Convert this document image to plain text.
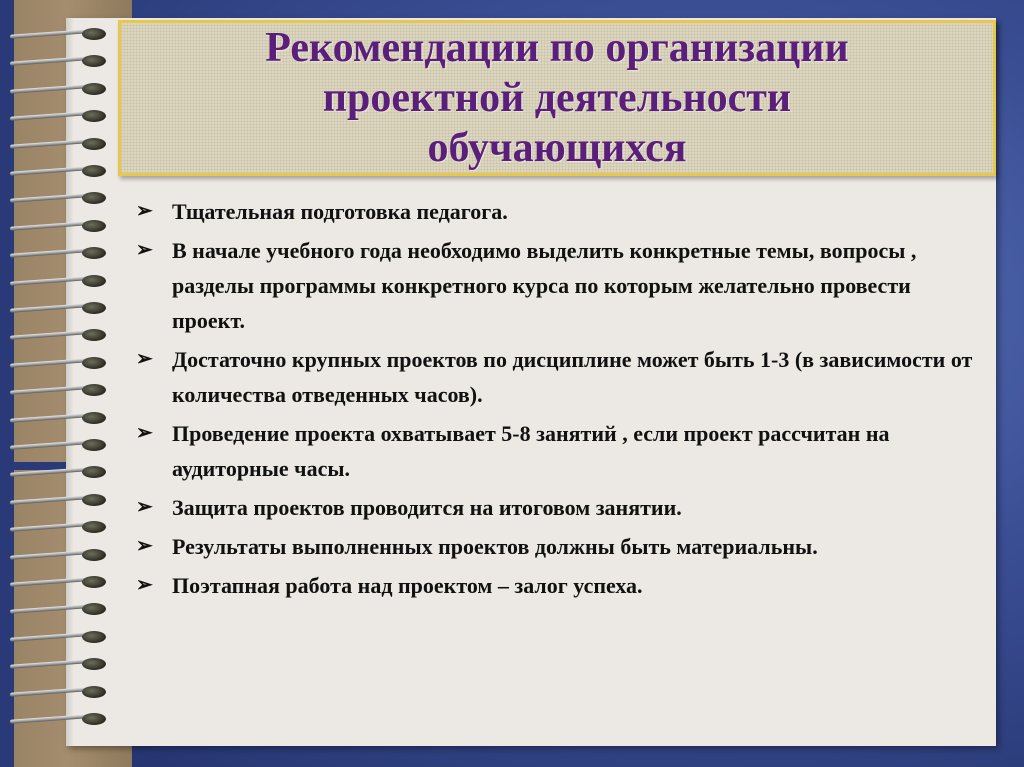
Рекомендации по организации
проектной деятельности
обучающихся
➢ Тщательная подготовка педагога.
➢ В начале учебного года необходимо выделить конкретные темы, вопросы , разделы программы конкретного курса по которым желательно провести проект.
➢ Достаточно крупных проектов по дисциплине может быть 1-3 (в зависимости от количества отведенных часов).
➢ Проведение проекта охватывает 5-8 занятий , если проект рассчитан на аудиторные часы.
➢ Защита проектов проводится на итоговом занятии.
➢ Результаты выполненных проектов должны быть материальны.
➢ Поэтапная работа над проектом – залог успеха.
